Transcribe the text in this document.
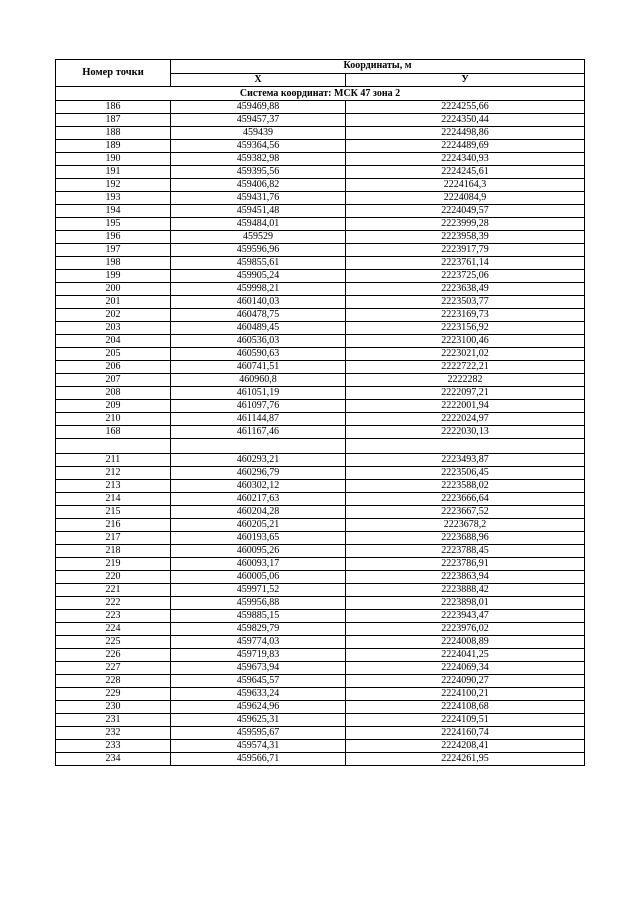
Номер точки	Координаты, м	
	X	У
Система координат: МСК 47 зона 2		
186	459469,88	2224255,66
187	459457,37	2224350,44
188	459439	2224498,86
189	459364,56	2224489,69
190	459382,98	2224340,93
191	459395,56	2224245,61
192	459406,82	2224164,3
193	459431,76	2224084,9
194	459451,48	2224049,57
195	459484,01	2223999,28
196	459529	2223958,39
197	459596,96	2223917,79
198	459855,61	2223761,14
199	459905,24	2223725,06
200	459998,21	2223638,49
201	460140,03	2223503,77
202	460478,75	2223169,73
203	460489,45	2223156,92
204	460536,03	2223100,46
205	460590,63	2223021,02
206	460741,51	2222722,21
207	460960,8	2222282
208	461051,19	2222097,21
209	461097,76	2222001,94
210	461144,87	2222024,97
168	461167,46	2222030,13

211	460293,21	2223493,87
212	460296,79	2223506,45
213	460302,12	2223588,02
214	460217,63	2223666,64
215	460204,28	2223667,52
216	460205,21	2223678,2
217	460193,65	2223688,96
218	460095,26	2223788,45
219	460093,17	2223786,91
220	460005,06	2223863,94
221	459971,52	2223888,42
222	459956,88	2223898,01
223	459885,15	2223943,47
224	459829,79	2223976,02
225	459774,03	2224008,89
226	459719,83	2224041,25
227	459673,94	2224069,34
228	459645,57	2224090,27
229	459633,24	2224100,21
230	459624,96	2224108,68
231	459625,31	2224109,51
232	459595,67	2224160,74
233	459574,31	2224208,41
234	459566,71	2224261,95
